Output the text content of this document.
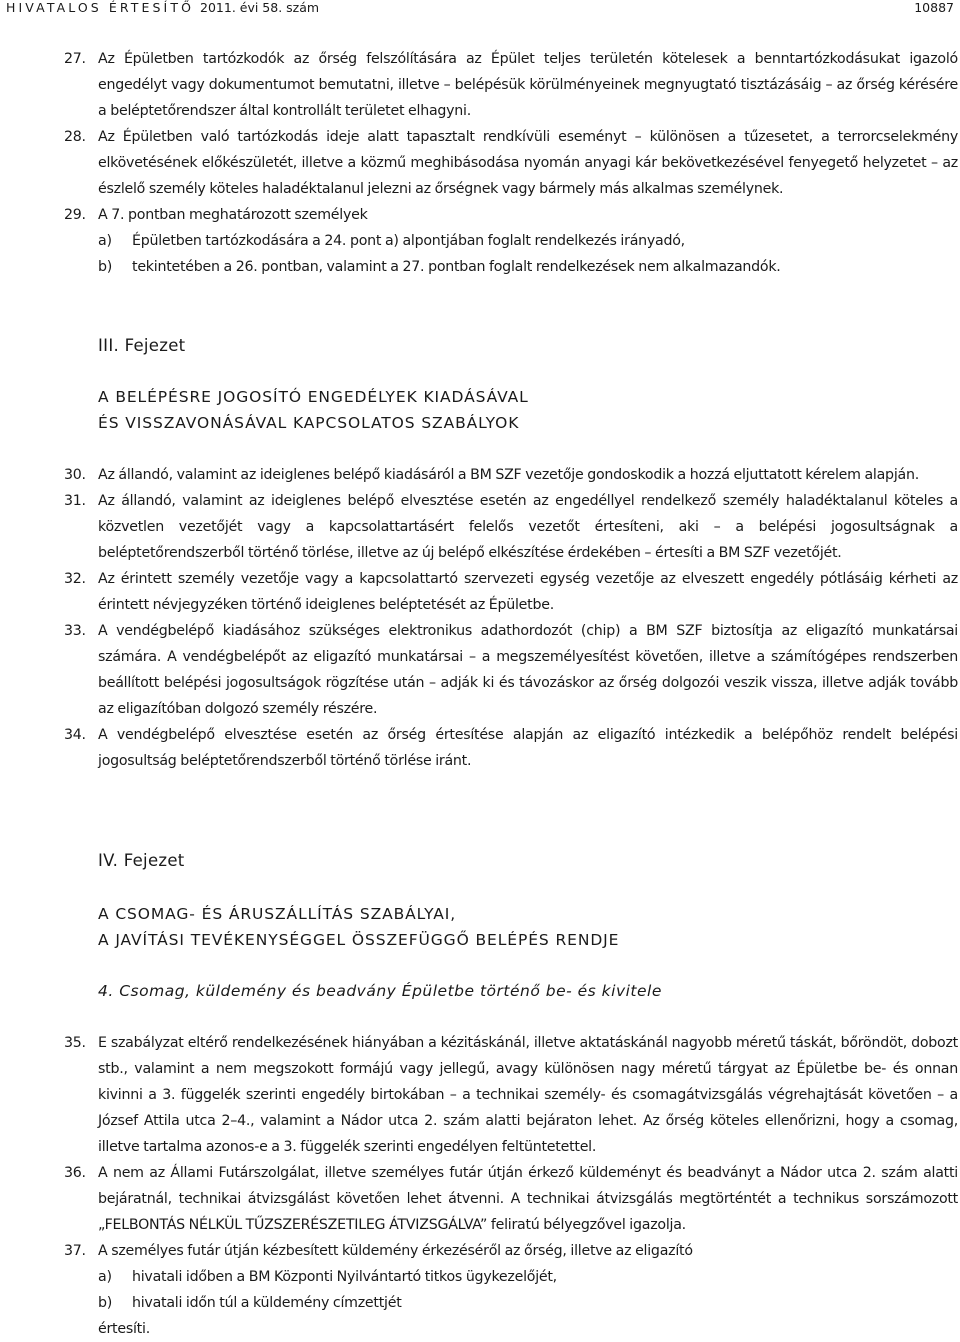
HIVATALOS ÉRTESÍTŐ 2011. évi 58. szám	10887
27. Az Épületben tartózkodók az őrség felszólítására az Épület teljes területén kötelesek a benntartózkodásukat igazoló engedélyt vagy dokumentumot bemutatni, illetve – belépésük körülményeinek megnyugtató tisztázásáig – az őrség kérésére a beléptetőrendszer által kontrollált területet elhagyni.
28. Az Épületben való tartózkodás ideje alatt tapasztalt rendkívüli eseményt – különösen a tűzesetet, a terrorcselekmény elkövetésének előkészületét, illetve a közmű meghibásodása nyomán anyagi kár bekövetkezésével fenyegető helyzetet – az észlelő személy köteles haladéktalanul jelezni az őrségnek vagy bármely más alkalmas személynek.
29. A 7. pontban meghatározott személyek
a) Épületben tartózkodására a 24. pont a) alpontjában foglalt rendelkezés irányadó,
b) tekintetében a 26. pontban, valamint a 27. pontban foglalt rendelkezések nem alkalmazandók.
III. Fejezet
A BELÉPÉSRE JOGOSÍTÓ ENGEDÉLYEK KIADÁSÁVAL
ÉS VISSZAVONÁSÁVAL KAPCSOLATOS SZABÁLYOK
30. Az állandó, valamint az ideiglenes belépő kiadásáról a BM SZF vezetője gondoskodik a hozzá eljuttatott kérelem alapján.
31. Az állandó, valamint az ideiglenes belépő elvesztése esetén az engedéllyel rendelkező személy haladéktalanul köteles a közvetlen vezetőjét vagy a kapcsolattartásért felelős vezetőt értesíteni, aki – a belépési jogosultságnak a beléptetőrendszerből történő törlése, illetve az új belépő elkészítése érdekében – értesíti a BM SZF vezetőjét.
32. Az érintett személy vezetője vagy a kapcsolattartó szervezeti egység vezetője az elveszett engedély pótlásáig kérheti az érintett névjegyzéken történő ideiglenes beléptetését az Épületbe.
33. A vendégbelépő kiadásához szükséges elektronikus adathordozót (chip) a BM SZF biztosítja az eligazító munkatársai számára. A vendégbelépőt az eligazító munkatársai – a megszemélyesítést követően, illetve a számítógépes rendszerben beállított belépési jogosultságok rögzítése után – adják ki és távozáskor az őrség dolgozói veszik vissza, illetve adják tovább az eligazítóban dolgozó személy részére.
34. A vendégbelépő elvesztése esetén az őrség értesítése alapján az eligazító intézkedik a belépőhöz rendelt belépési jogosultság beléptetőrendszerből történő törlése iránt.
IV. Fejezet
A CSOMAG- ÉS ÁRUSZÁLLÍTÁS SZABÁLYAI,
A JAVÍTÁSI TEVÉKENYSÉGGEL ÖSSZEFÜGGŐ BELÉPÉS RENDJE
4. Csomag, küldemény és beadvány Épületbe történő be- és kivitele
35. E szabályzat eltérő rendelkezésének hiányában a kézitáskánál, illetve aktatáskánál nagyobb méretű táskát, bőröndöt, dobozt stb., valamint a nem megszokott formájú vagy jellegű, avagy különösen nagy méretű tárgyat az Épületbe be- és onnan kivinni a 3. függelék szerinti engedély birtokában – a technikai személy- és csomagátvizsgálás végrehajtását követően – a József Attila utca 2–4., valamint a Nádor utca 2. szám alatti bejáraton lehet. Az őrség köteles ellenőrizni, hogy a csomag, illetve tartalma azonos-e a 3. függelék szerinti engedélyen feltüntetettel.
36. A nem az Állami Futárszolgálat, illetve személyes futár útján érkező küldeményt és beadványt a Nádor utca 2. szám alatti bejáratnál, technikai átvizsgálást követően lehet átvenni. A technikai átvizsgálás megtörténtét a technikus sorszámozott „FELBONTÁS NÉLKÜL TŰZSZERÉSZETILEG ÁTVIZSGÁLVA” feliratú bélyegzővel igazolja.
37. A személyes futár útján kézbesített küldemény érkezéséről az őrség, illetve az eligazító
a) hivatali időben a BM Központi Nyilvántartó titkos ügykezelőjét,
b) hivatali időn túl a küldemény címzettjét
értesíti.
